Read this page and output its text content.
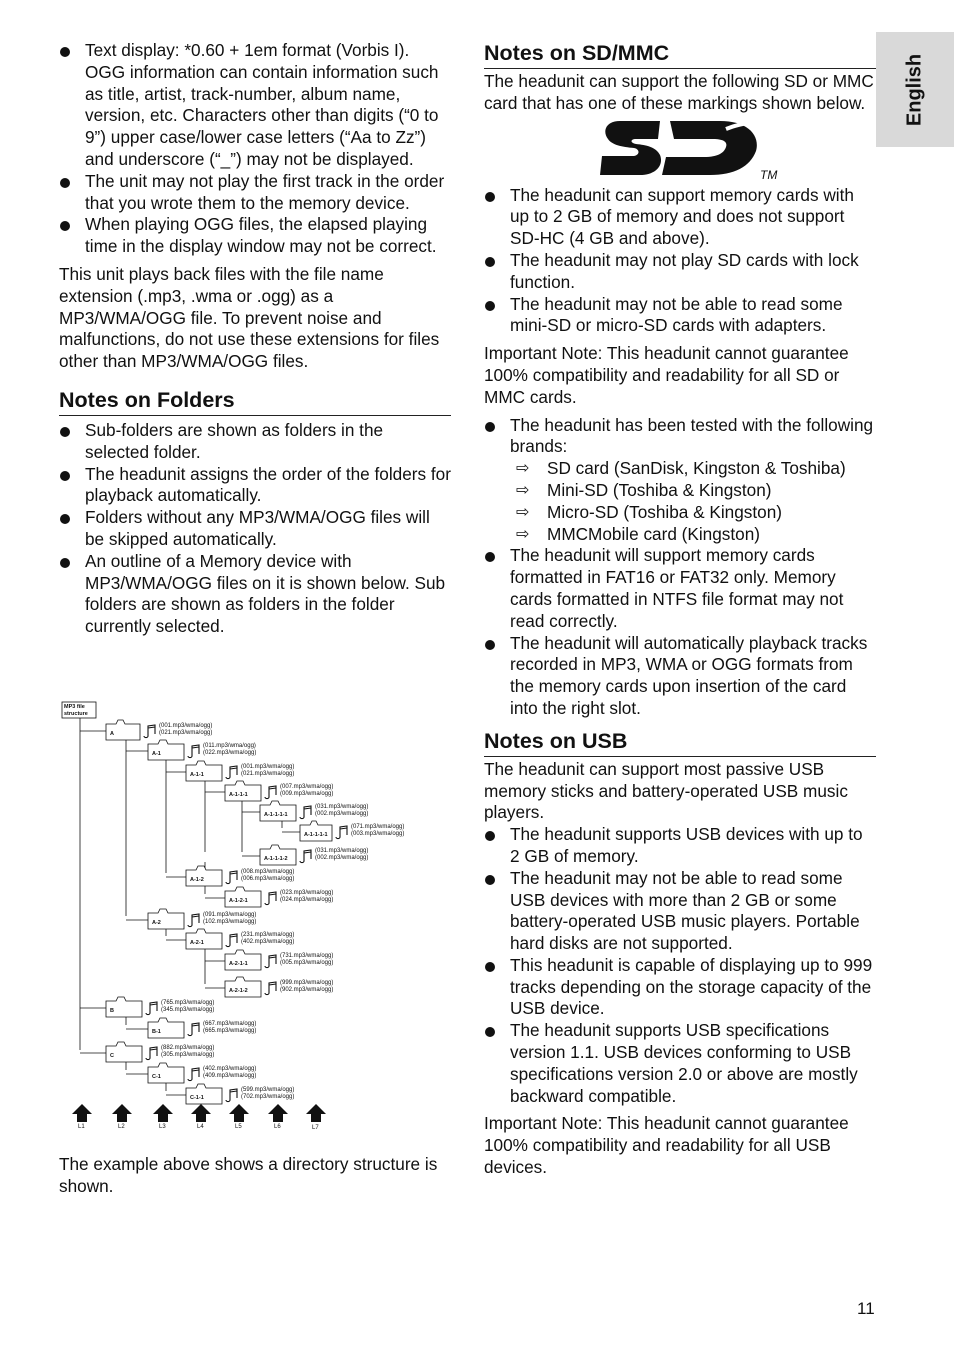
English

Text display: *0.60 + 1em format (Vorbis I). OGG information can contain information such as title, artist, track-number, album name, version, etc. Characters other than digits (“0 to 9”) upper case/lower case letters (“Aa to Zz”) and underscore (“_”) may not be displayed.

The unit may not play the first track in the order that you wrote them to the memory device.

When playing OGG files, the elapsed playing time in the display window may not be correct.

This unit plays back files with the file name extension (.mp3, .wma or .ogg) as a MP3/WMA/OGG file. To prevent noise and malfunctions, do not use these extensions for files other than MP3/WMA/OGG files.

Notes on Folders

Sub-folders are shown as folders in the selected folder.

The headunit assigns the order of the folders for playback automatically.

Folders without any MP3/WMA/OGG files will be skipped automatically.

An outline of a Memory device with MP3/WMA/OGG files on it is shown below. Sub folders are shown as folders in the folder currently selected.

MP3 file
structure
A
(001.mp3/wma/ogg)
(021.mp3/wma/ogg)
A-1
(011.mp3/wma/ogg)
(022.mp3/wma/ogg)
A-1-1
(001.mp3/wma/ogg)
(021.mp3/wma/ogg)
A-1-1-1
(007.mp3/wma/ogg)
(009.mp3/wma/ogg)
A-1-1-1-1
(031.mp3/wma/ogg)
(002.mp3/wma/ogg)
A-1-1-1-1
(071.mp3/wma/ogg)
(003.mp3/wma/ogg)
A-1-1-1-2
(031.mp3/wma/ogg)
(002.mp3/wma/ogg)
A-1-2
(008.mp3/wma/ogg)
(006.mp3/wma/ogg)
A-1-2-1
(023.mp3/wma/ogg)
(024.mp3/wma/ogg)
A-2
(091.mp3/wma/ogg)
(102.mp3/wma/ogg)
A-2-1
(231.mp3/wma/ogg)
(402.mp3/wma/ogg)
A-2-1-1
(731.mp3/wma/ogg)
(005.mp3/wma/ogg)
A-2-1-2
(999.mp3/wma/ogg)
(902.mp3/wma/ogg)
B
(765.mp3/wma/ogg)
(345.mp3/wma/ogg)
B-1
(667.mp3/wma/ogg)
(665.mp3/wma/ogg)
C
(882.mp3/wma/ogg)
(305.mp3/wma/ogg)
C-1
(402.mp3/wma/ogg)
(409.mp3/wma/ogg)
C-1-1
(599.mp3/wma/ogg)
(702.mp3/wma/ogg)
L1	L2	L3	L4	L5	L6	L7

The example above shows a directory structure is shown.

Notes on SD/MMC

The headunit can support the following SD or MMC card that has one of these markings shown below.

TM

The headunit can support memory cards with up to 2 GB of memory and does not support SD-HC (4 GB and above).

The headunit may not play SD cards with lock function.

The headunit may not be able to read some mini-SD or micro-SD cards with adapters.

Important Note: This headunit cannot guarantee 100% compatibility and readability for all SD or MMC cards.

The headunit has been tested with the following brands:

⇨ SD card (SanDisk, Kingston & Toshiba)

⇨ Mini-SD (Toshiba & Kingston)

⇨ Micro-SD (Toshiba & Kingston)

⇨ MMCMobile card (Kingston)

The headunit will support memory cards formatted in FAT16 or FAT32 only. Memory cards formatted in NTFS file format may not read correctly.

The headunit will automatically playback tracks recorded in MP3, WMA or OGG formats from the memory cards upon insertion of the card into the right slot.

Notes on USB

The headunit can support most passive USB memory sticks and battery-operated USB music players.

The headunit supports USB devices with up to 2 GB of memory.

The headunit may not be able to read some USB devices with more than 2 GB or some battery-operated USB music players. Portable hard disks are not supported.

This headunit is capable of displaying up to 999 tracks depending on the storage capacity of the USB device.

The headunit supports USB specifications version 1.1. USB devices conforming to USB specifications version 2.0 or above are mostly backward compatible.

Important Note: This headunit cannot guarantee 100% compatibility and readability for all USB devices.

11
